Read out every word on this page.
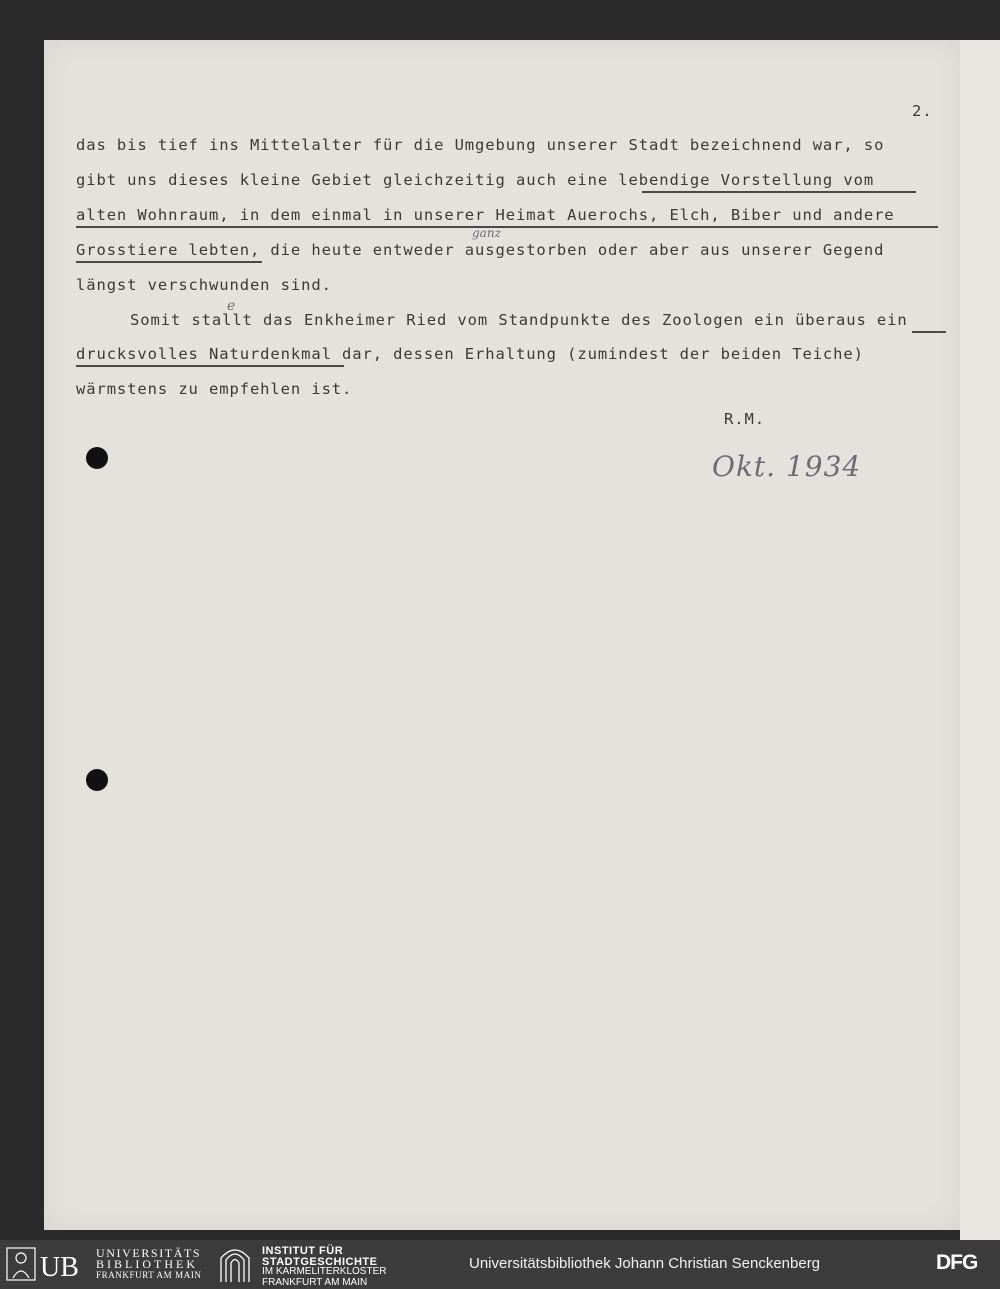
2.
das bis tief ins Mittelalter für die Umgebung unserer Stadt bezeichnend war, so
gibt uns dieses kleine Gebiet gleichzeitig auch eine lebendige Vorstellung vom
alten Wohnraum, in dem einmal in unserer Heimat Auerochs, Elch, Biber und andere
Grosstiere lebten, die heute entweder ausgestorben oder aber aus unserer Gegend
längst verschwunden sind.
Somit stallt das Enkheimer Ried vom Standpunkte des Zoologen ein überaus ein
drucksvolles Naturdenkmal dar, dessen Erhaltung (zumindest der beiden Teiche)
wärmstens zu empfehlen ist.
R.M.
e
ganz
Okt. 1934
UB UNIVERSITÄTS
BIBLIOTHEK
FRANKFURT AM MAIN
INSTITUT FÜR
STADTGESCHICHTE
IM KARMELITERKLOSTER
FRANKFURT AM MAIN
Universitätsbibliothek Johann Christian Senckenberg	DFG
